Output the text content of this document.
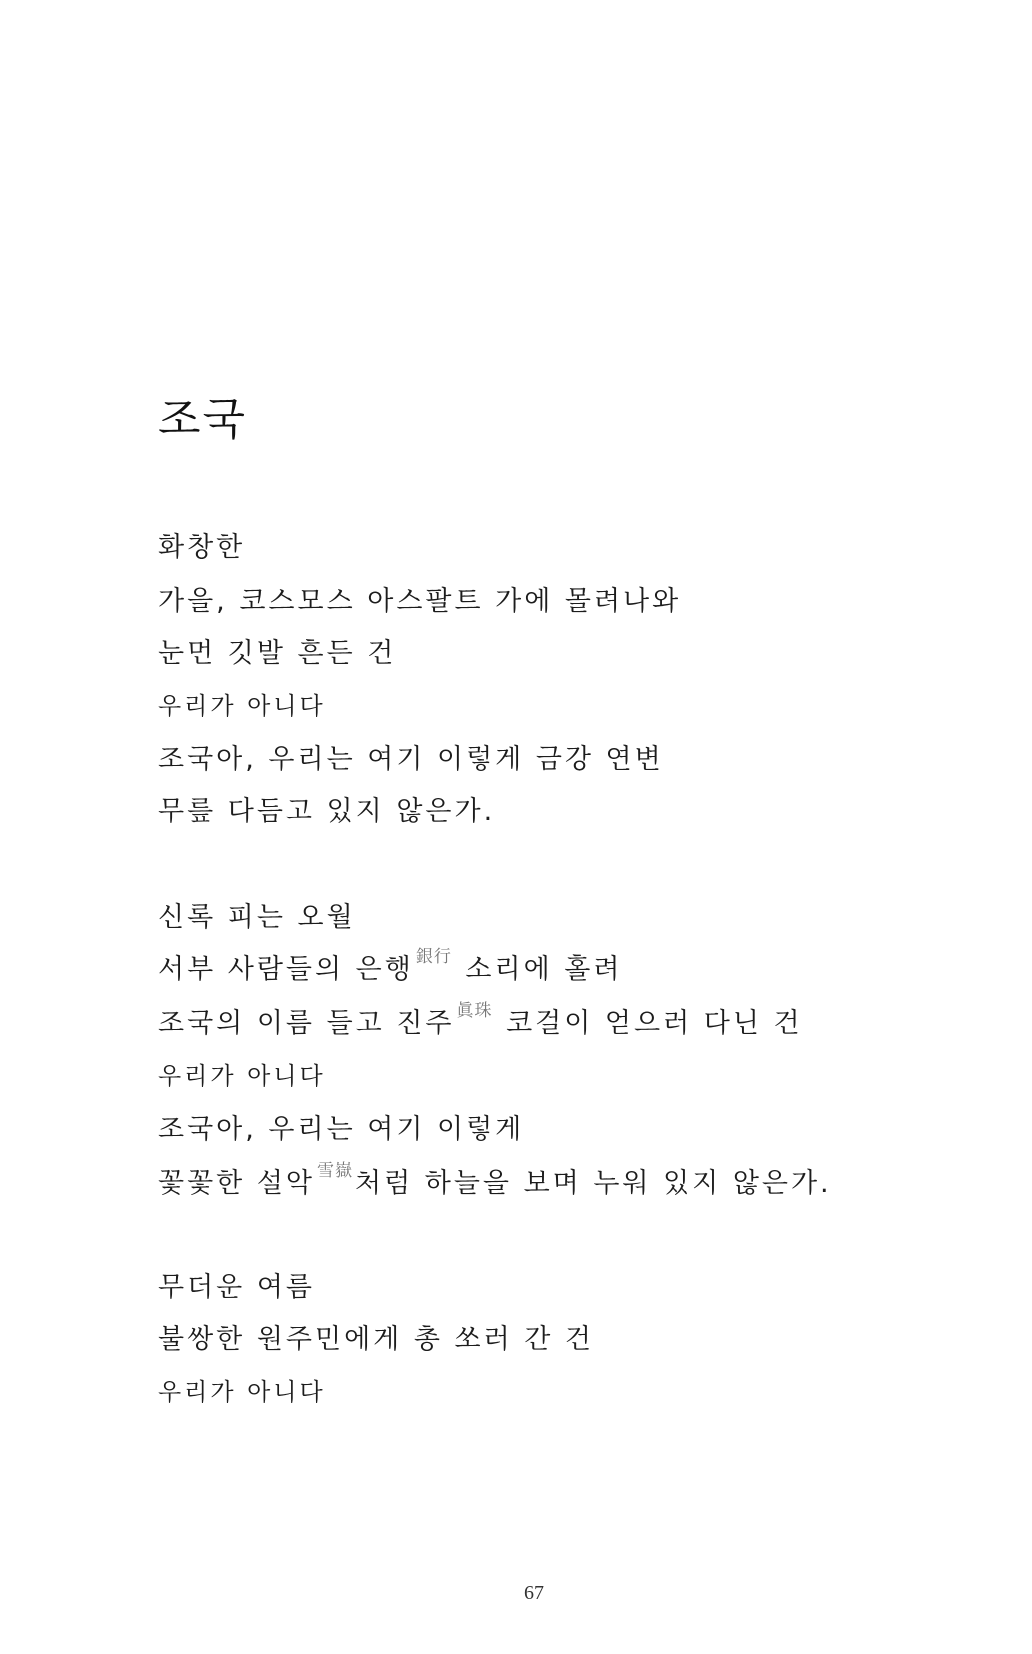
조국
화창한
가을, 코스모스 아스팔트 가에 몰려나와
눈먼 깃발 흔든 건
우리가 아니다
조국아, 우리는 여기 이렇게 금강 연변
무릎 다듬고 있지 않은가.
신록 피는 오월
서부 사람들의 은행 $^{銀行}$ 소리에 홀려
조국의 이름 들고 진주 $^{眞珠}$ 코걸이 얻으러 다닌 건
우리가 아니다
조국아, 우리는 여기 이렇게
꽃꽃한 설악 $^{雪嶽}$처럼 하늘을 보며 누워 있지 않은가.
무더운 여름
불쌍한 원주민에게 총 쏘러 간 건
우리가 아니다
67
